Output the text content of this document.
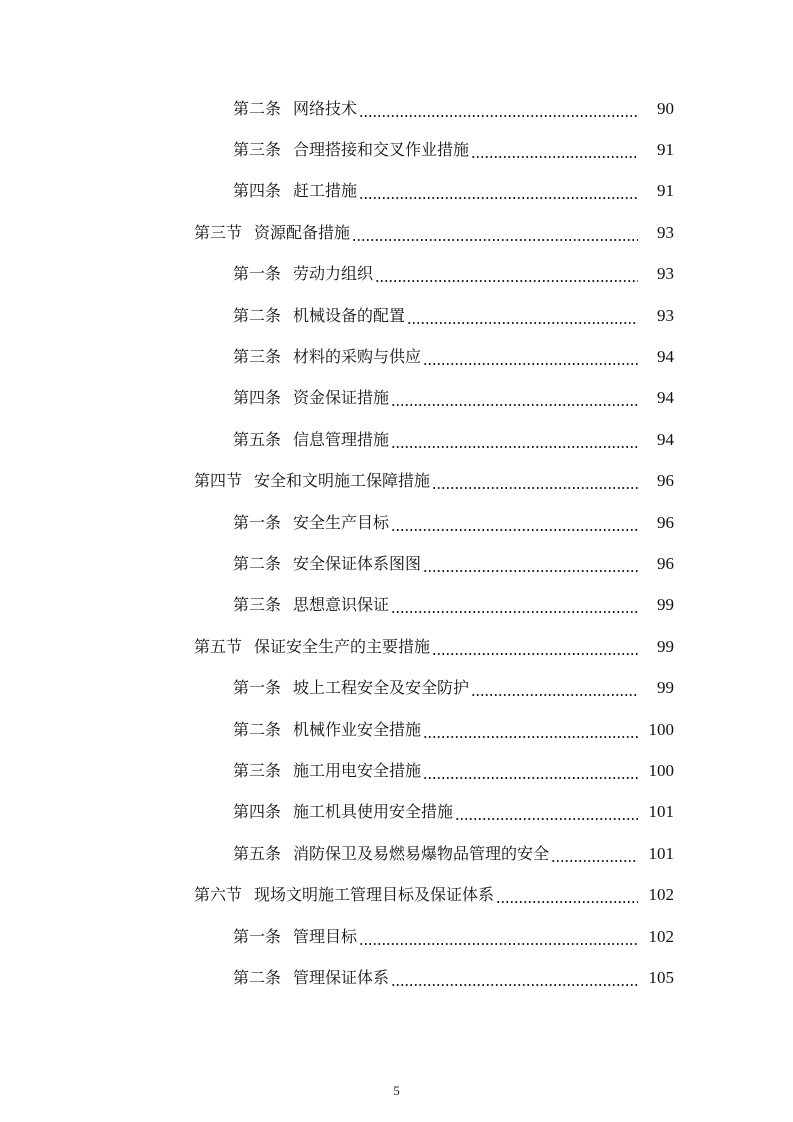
第二条 网络技术	90
第三条 合理搭接和交叉作业措施	91
第四条 赶工措施	91
第三节 资源配备措施	93
第一条 劳动力组织	93
第二条 机械设备的配置	93
第三条 材料的采购与供应	94
第四条 资金保证措施	94
第五条 信息管理措施	94
第四节 安全和文明施工保障措施	96
第一条 安全生产目标	96
第二条 安全保证体系图图	96
第三条 思想意识保证	99
第五节 保证安全生产的主要措施	99
第一条 坡上工程安全及安全防护	99
第二条 机械作业安全措施	100
第三条 施工用电安全措施	100
第四条 施工机具使用安全措施	101
第五条 消防保卫及易燃易爆物品管理的安全	101
第六节 现场文明施工管理目标及保证体系	102
第一条 管理目标	102
第二条 管理保证体系	105
5
